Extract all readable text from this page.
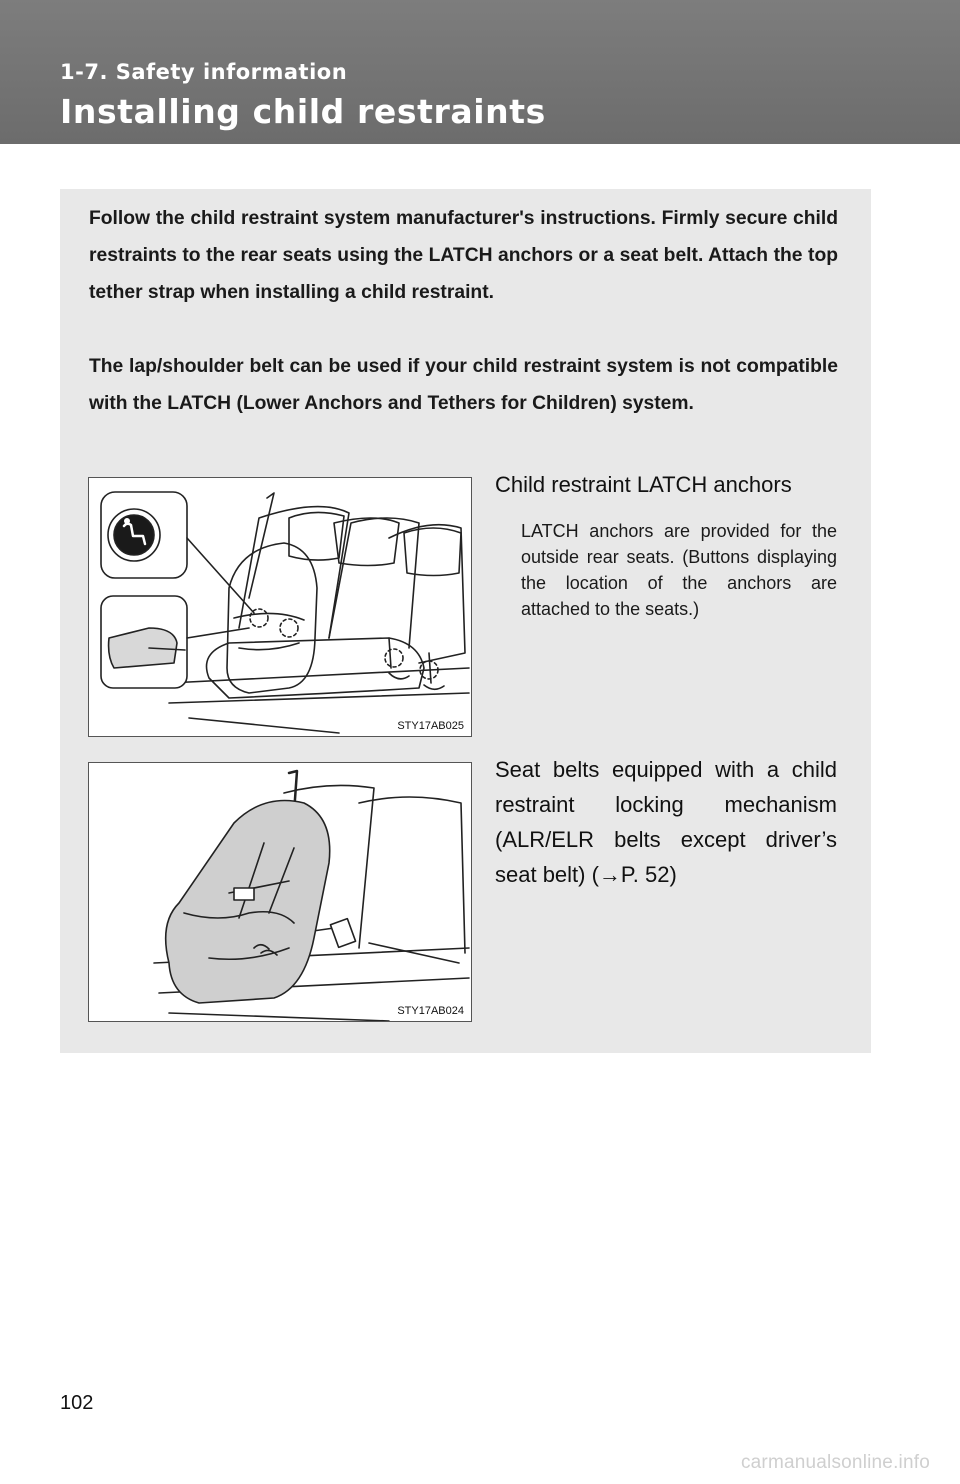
1-7. Safety information
Installing child restraints

Follow the child restraint system manufacturer's instructions. Firmly secure child restraints to the rear seats using the LATCH anchors or a seat belt. Attach the top tether strap when installing a child restraint.

The lap/shoulder belt can be used if your child restraint system is not compatible with the LATCH (Lower Anchors and Tethers for Children) system.

STY17AB025
Child restraint LATCH anchors

LATCH anchors are provided for the outside rear seats. (Buttons displaying the location of the anchors are attached to the seats.)

STY17AB024

Seat belts equipped with a child restraint locking mechanism (ALR/ELR belts except driver’s seat belt) (→P. 52)

102
carmanualsonline.info
